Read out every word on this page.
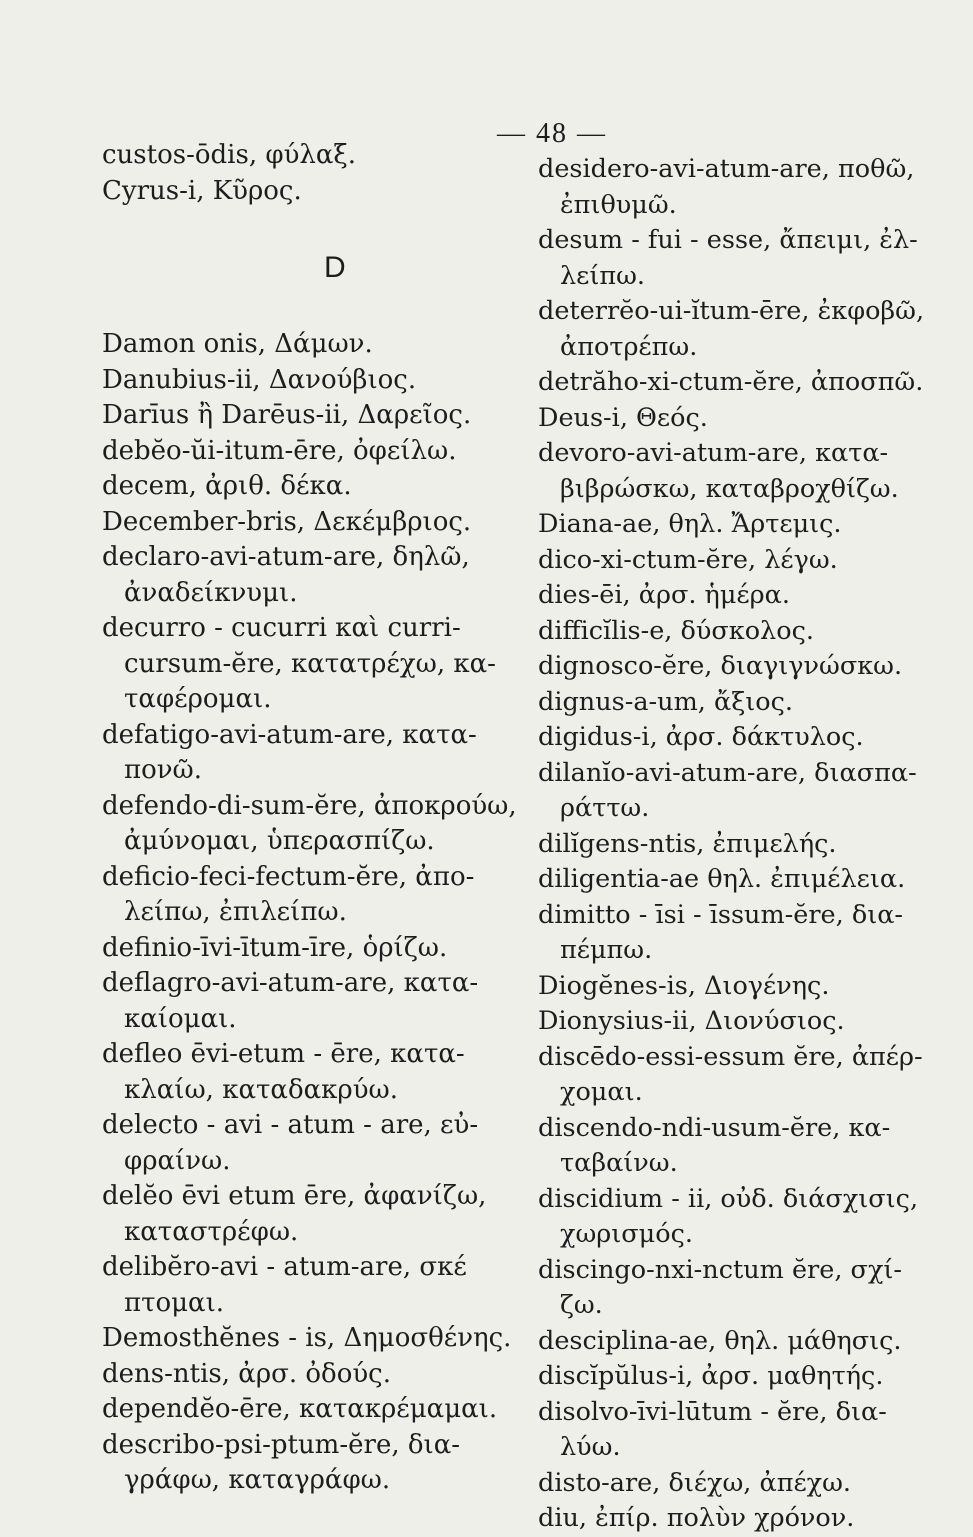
— 48 —
custos-ōdis, φύλαξ.
Cyrus-i, Κῦρος.
D
Damon onis, Δάμων.
Danubius-ii, Δανούβιος.
Darīus ἢ Darēus-ii, Δαρεῖος.
debĕo-ŭi-itum-ēre, ὀφείλω.
decem, ἀριθ. δέκα.
December-bris, Δεκέμβριος.
declaro-avi-atum-are, δηλῶ,
ἀναδείκνυμι.
decurro - cucurri καὶ curri-
cursum-ĕre, κατατρέχω, κα-
ταφέρομαι.
defatigo-avi-atum-are, κατα-
πονῶ.
defendo-di-sum-ĕre, ἀποκρούω,
ἀμύνομαι, ὑπερασπίζω.
deficio-feci-fectum-ĕre, ἀπο-
λείπω, ἐπιλείπω.
definio-īvi-ītum-īre, ὁρίζω.
deflagro-avi-atum-are, κατα-
καίομαι.
defleo ēvi-etum - ēre, κατα-
κλαίω, καταδακρύω.
delecto - avi - atum - are, εὐ-
φραίνω.
delĕo ēvi etum ēre, ἀφανίζω,
καταστρέφω.
delibĕro-avi - atum-are, σκέ
πτομαι.
Demosthĕnes - is, Δημοσθένης.
dens-ntis, ἀρσ. ὀδούς.
dependĕo-ēre, κατακρέμαμαι.
describo-psi-ptum-ĕre, δια-
γράφω, καταγράφω.
desidero-avi-atum-are, ποθῶ,
ἐπιθυμῶ.
desum - fui - esse, ἄπειμι, ἐλ-
λείπω.
deterrĕo-ui-ĭtum-ēre, ἐκφοβῶ,
ἀποτρέπω.
detrăho-xi-ctum-ĕre, ἀποσπῶ.
Deus-i, Θεός.
devoro-avi-atum-are, κατα-
βιβρώσκω, καταβροχθίζω.
Diana-ae, θηλ. Ἄρτεμις.
dico-xi-ctum-ĕre, λέγω.
dies-ēi, ἀρσ. ἡμέρα.
difficĭlis-e, δύσκολος.
dignosco-ĕre, διαγιγνώσκω.
dignus-a-um, ἄξιος.
digidus-i, ἀρσ. δάκτυλος.
dilanĭo-avi-atum-are, διασπα-
ράττω.
dilĭgens-ntis, ἐπιμελής.
diligentia-ae θηλ. ἐπιμέλεια.
dimitto - īsi - īssum-ĕre, δια-
πέμπω.
Diogĕnes-is, Διογένης.
Dionysius-ii, Διονύσιος.
discēdo-essi-essum ĕre, ἀπέρ-
χομαι.
discendo-ndi-usum-ĕre, κα-
ταβαίνω.
discidium - ii, οὐδ. διάσχισις,
χωρισμός.
discingo-nxi-nctum ĕre, σχί-
ζω.
desciplina-ae, θηλ. μάθησις.
discĭpŭlus-i, ἀρσ. μαθητής.
disolvo-īvi-lūtum - ĕre, δια-
λύω.
disto-are, διέχω, ἀπέχω.
diu, ἐπίρ. πολὺν χρόνον.
